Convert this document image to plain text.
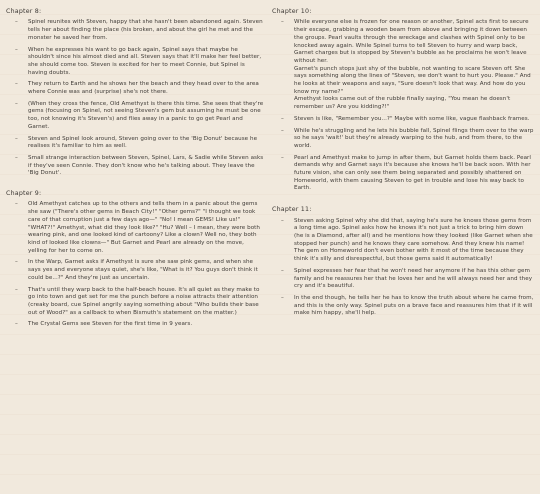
Chapter 8:
– Spinel reunites with Steven, happy that she hasn't been abandoned again. Steven tells her about finding the place (his broken, and about the girl he met and the monster he saved her from.
– When he expresses his want to go back again, Spinel says that maybe he shouldn't since his almost died and all. Steven says that it'll make her feel better, she should come too. Steven is excited for her to meet Connie, but Spinel is having doubts.
– They return to Earth and he shows her the beach and they head over to the area where Connie was and (surprise) she's not there.
– (When they cross the fence, Old Amethyst is there this time. She sees that they're gems (focusing on Spinel, not seeing Steven's gem but assuming he must be one too, not knowing it's Steven's) and flies away in a panic to go get Pearl and Garnet.
– Steven and Spinel look around, Steven going over to the 'Big Donut' because he realises it's familiar to him as well.
– Small strange interaction between Steven, Spinel, Lars, & Sadie while Steven asks if they've seen Connie. They don't know who he's talking about. They leave the 'Big Donut'.
Chapter 9:
– Old Amethyst catches up to the others and tells them in a panic about the gems she saw ("There's other gems in Beach City!" "Other gems?" "I thought we took care of that corruption just a few days ago—" "No! I mean GEMS! Like us!" "WHAT?!" Amethyst, what did they look like?" "Hu? Well – I mean, they were both wearing pink, and one looked kind of cartoony? Like a clown? Well no, they both kind of looked like clowns—" But Garnet and Pearl are already on the move, yelling for her to come on.
– In the Warp, Garnet asks if Amethyst is sure she saw pink gems, and when she says yes and everyone stays quiet, she's like, "What is it? You guys don't think it could be...?" And they're just as uncertain.
– That's until they warp back to the half-beach house. It's all quiet as they make to go into town and get set for me the punch before a noise attracts their attention (creaky board, cue Spinel angrily saying something about "Who builds their base out of Wood?" as a callback to when Bismuth's statement on the matter.)
– The Crystal Gems see Steven for the first time in 9 years.
Chapter 10:
– While everyone else is frozen for one reason or another, Spinel acts first to secure their escape, grabbing a wooden beam from above and bringing it down between the groups. Pearl vaults through the wreckage and clashes with Spinel only to be knocked away again. While Spinel turns to tell Steven to hurry and warp back, Garnet charges but is stopped by Steven's bubble as he proclaims he won't leave without her.
Garnet's punch stops just shy of the bubble, not wanting to scare Steven off. She says something along the lines of "Steven, we don't want to hurt you. Please." And he looks at their weapons and says, "Sure doesn't look that way. And how do you know my name?"
Amethyst looks came out of the rubble finally saying, "You mean he doesn't remember us? Are you kidding?!"
– Steven is like, "Remember you...?" Maybe with some like, vague flashback frames.
– While he's struggling and he lets his bubble fall, Spinel flings them over to the warp so he says 'wait!' but they're already warping to the hub, and from there, to the world.
– Pearl and Amethyst make to jump in after them, but Garnet holds them back. Pearl demands why and Garnet says it's because she knows he'll be back soon. With her future vision, she can only see them being separated and possibly shattered on Homeworld, with them causing Steven to get in trouble and lose his way back to Earth.
Chapter 11:
– Steven asking Spinel why she did that, saying he's sure he knows those gems from a long time ago. Spinel asks how he knows it's not just a trick to bring him down (he is a Diamond, after all) and he mentions how they looked (like Garnet when she stopped her punch) and he knows they care somehow. And they knew his name! The gem on Homeworld don't even bother with it most of the time because they think it's silly and disrespectful, but those gems said it automatically!
– Spinel expresses her fear that he won't need her anymore if he has this other gem family and he reassures her that he loves her and he will always need her and they cry and it's beautiful.
– In the end though, he tells her he has to know the truth about where he came from, and this is the only way. Spinel puts on a brave face and reassures him that if it will make him happy, she'll help.
